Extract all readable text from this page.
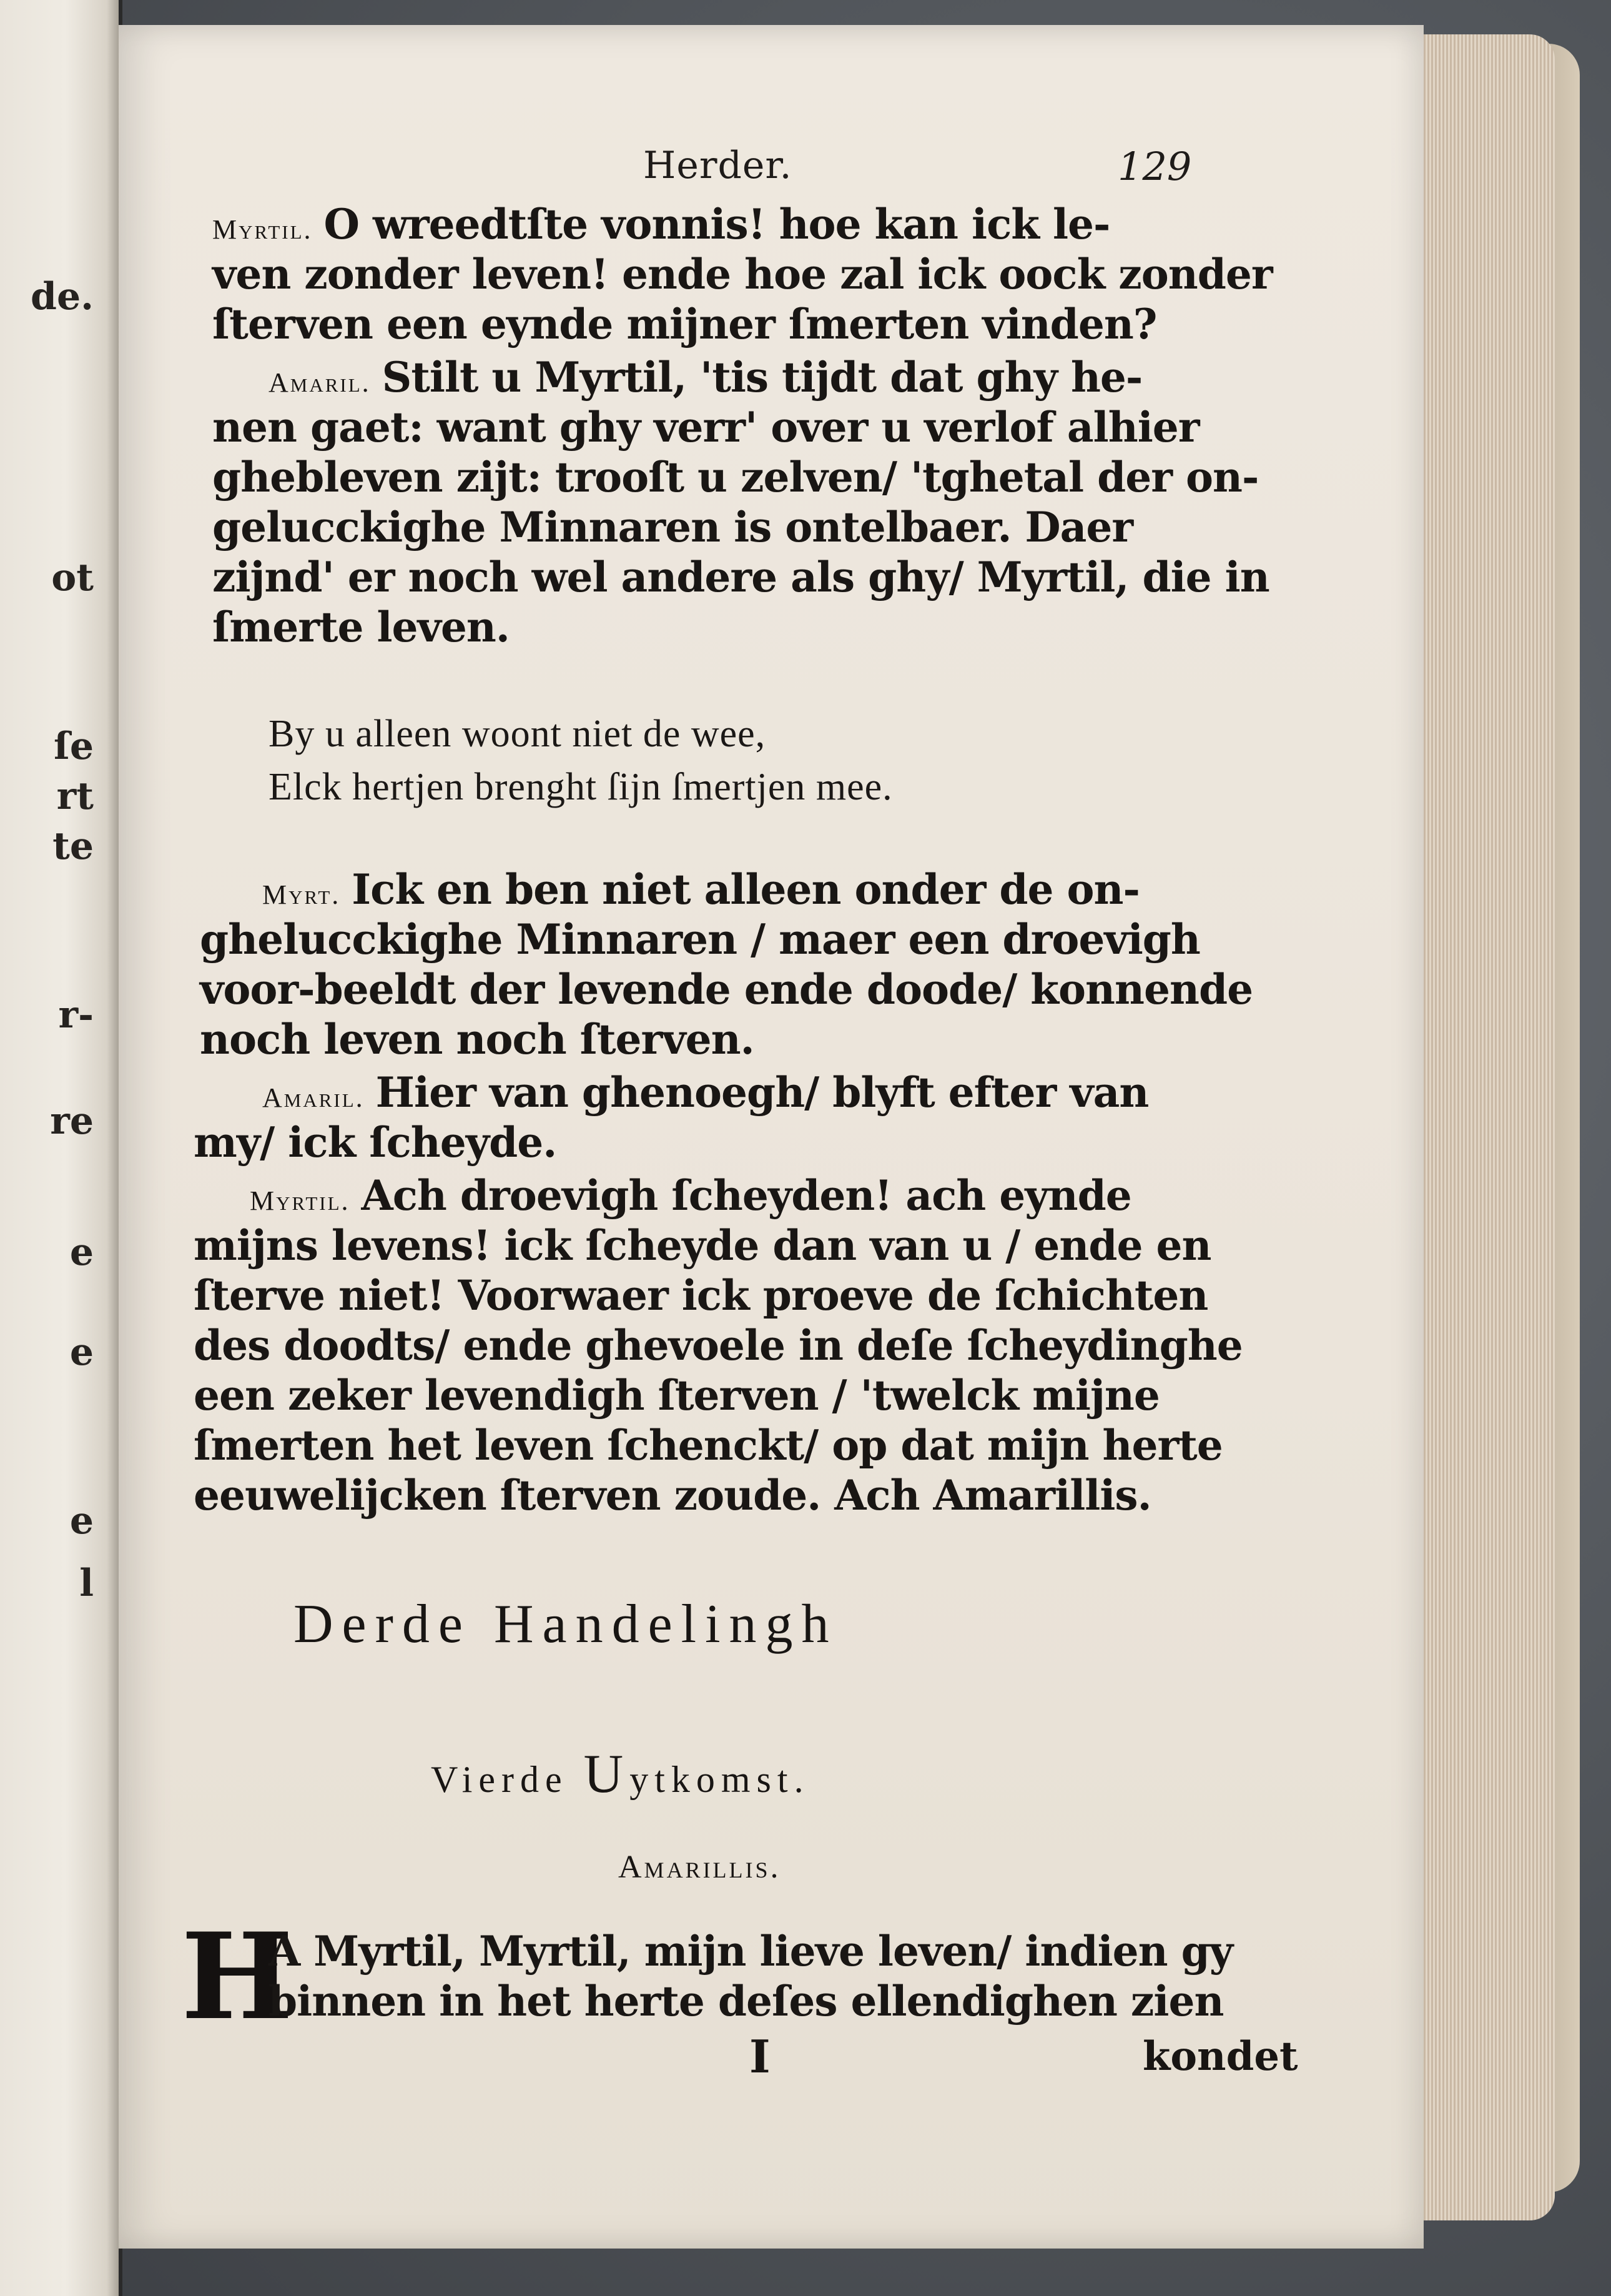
de.
ot
ſe
rt
te
r-
re
e
e
e
l
Herder.	129
Myrtil. O wreedtſte vonnis! hoe kan ick le-
ven zonder leven! ende hoe zal ick oock zonder
ſterven een eynde mijner ſmerten vinden?
Amaril. Stilt u Myrtil, 'tis tijdt dat ghy he-
nen gaet: want ghy verr' over u verlof alhier
ghebleven zijt: trooſt u zelven/ 'tghetal der on-
gelucckighe Minnaren is ontelbaer. Daer
zijnd' er noch wel andere als ghy/ Myrtil, die in
ſmerte leven.
By u alleen woont niet de wee,
Elck hertjen brenght ſijn ſmertjen mee.
Myrt. Ick en ben niet alleen onder de on-
ghelucckighe Minnaren / maer een droevigh
voor-beeldt der levende ende doode/ konnende
noch leven noch ſterven.
Amaril. Hier van ghenoegh/ blyft efter van
my/ ick ſcheyde.
Myrtil. Ach droevigh ſcheyden! ach eynde
mijns levens! ick ſcheyde dan van u / ende en
ſterve niet! Voorwaer ick proeve de ſchichten
des doodts/ ende ghevoele in deſe ſcheydinghe
een zeker levendigh ſterven / 'twelck mijne
ſmerten het leven ſchenckt/ op dat mijn herte
eeuwelijcken ſterven zoude. Ach Amarillis.
Derde Handelingh
Vierde Uytkomst.
Amarillis.
H
A Myrtil, Myrtil, mijn lieve leven/ indien gy
binnen in het herte deſes ellendighen zien
I	kondet
